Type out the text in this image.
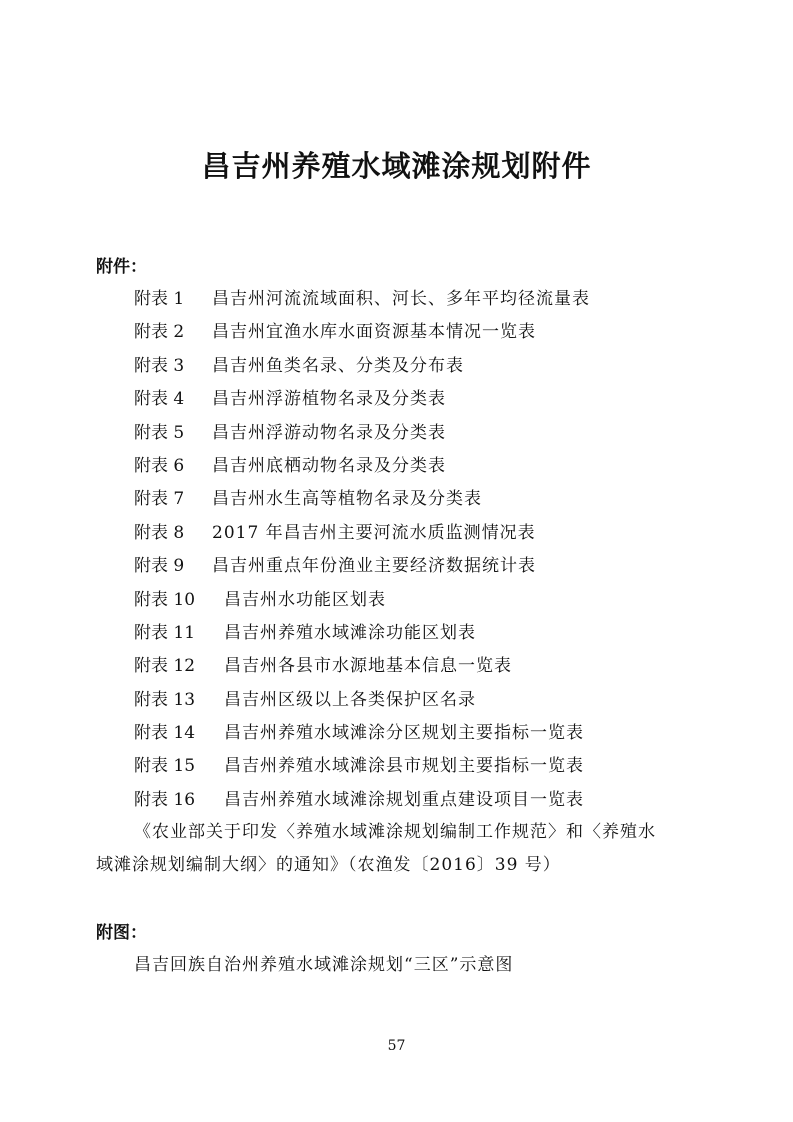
昌吉州养殖水域滩涂规划附件
附件：
附表 1	昌吉州河流流域面积、河长、多年平均径流量表
附表 2	昌吉州宜渔水库水面资源基本情况一览表
附表 3	昌吉州鱼类名录、分类及分布表
附表 4	昌吉州浮游植物名录及分类表
附表 5	昌吉州浮游动物名录及分类表
附表 6	昌吉州底栖动物名录及分类表
附表 7	昌吉州水生高等植物名录及分类表
附表 8	2017 年昌吉州主要河流水质监测情况表
附表 9	昌吉州重点年份渔业主要经济数据统计表
附表 10	昌吉州水功能区划表
附表 11	昌吉州养殖水域滩涂功能区划表
附表 12	昌吉州各县市水源地基本信息一览表
附表 13	昌吉州区级以上各类保护区名录
附表 14	昌吉州养殖水域滩涂分区规划主要指标一览表
附表 15	昌吉州养殖水域滩涂县市规划主要指标一览表
附表 16	昌吉州养殖水域滩涂规划重点建设项目一览表
《农业部关于印发〈养殖水域滩涂规划编制工作规范〉和〈养殖水域滩涂规划编制大纲〉的通知》（农渔发〔2016〕39 号）
附图：
昌吉回族自治州养殖水域滩涂规划“三区”示意图
57
